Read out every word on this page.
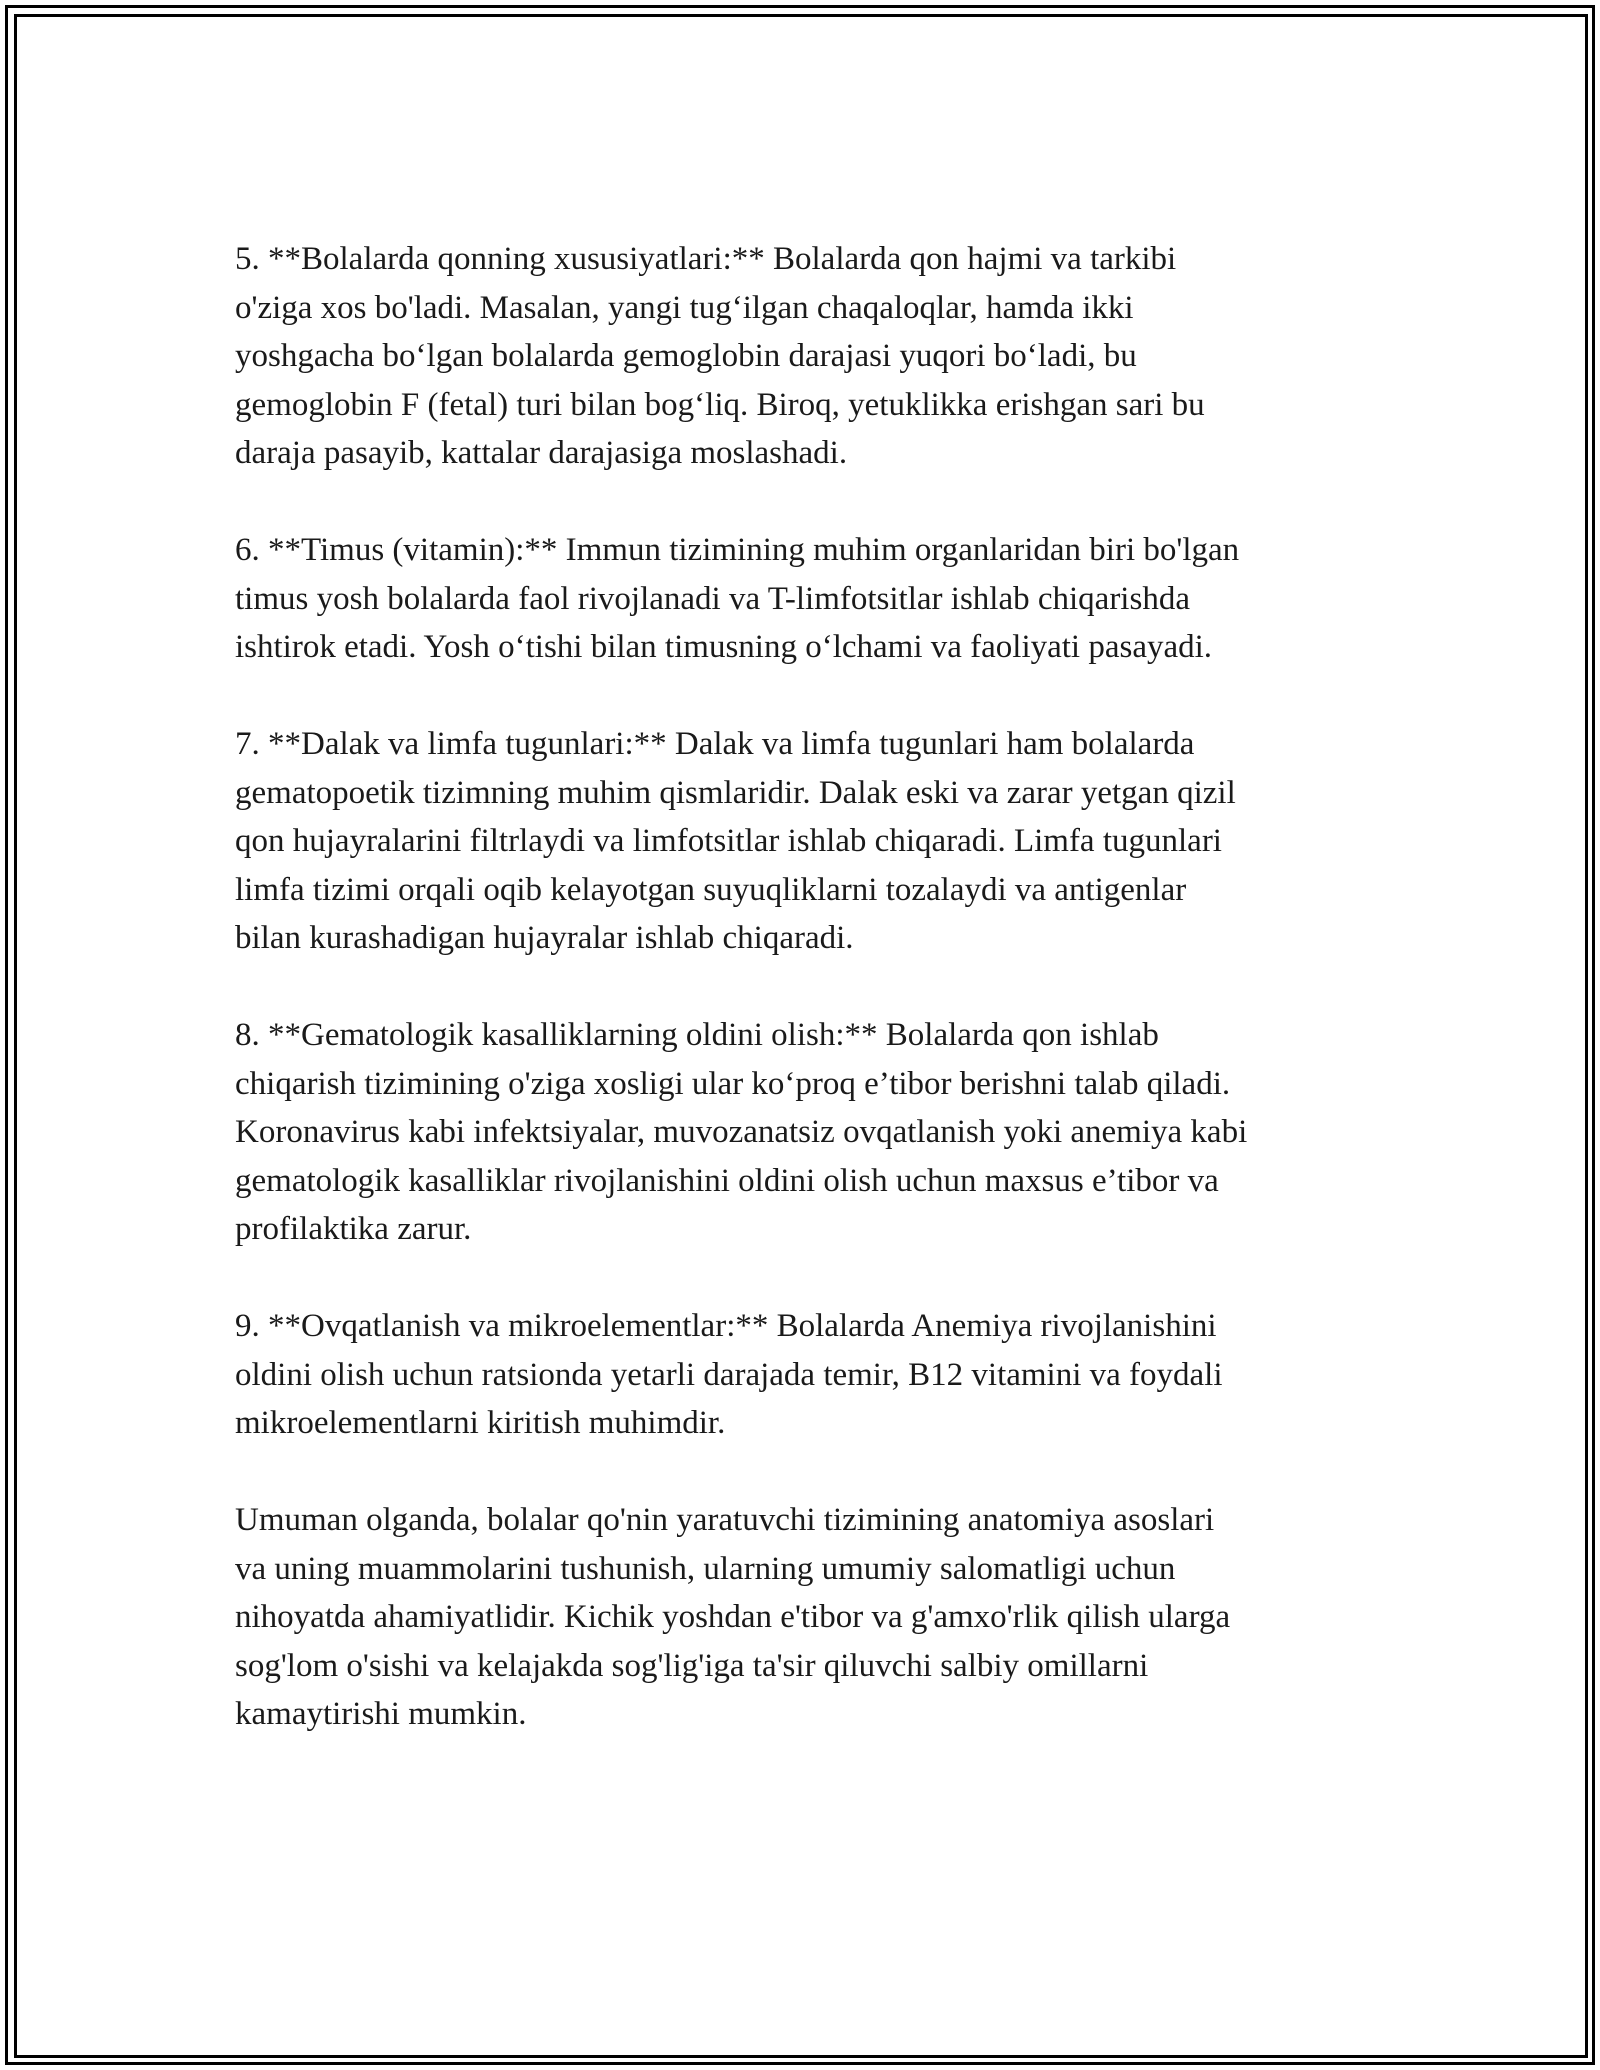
5. **Bolalarda qonning xususiyatlari:** Bolalarda qon hajmi va tarkibi
o'ziga xos bo'ladi. Masalan, yangi tugʻilgan chaqaloqlar, hamda ikki
yoshgacha boʻlgan bolalarda gemoglobin darajasi yuqori boʻladi, bu
gemoglobin F (fetal) turi bilan bogʻliq. Biroq, yetuklikka erishgan sari bu
daraja pasayib, kattalar darajasiga moslashadi.

6. **Timus (vitamin):** Immun tizimining muhim organlaridan biri bo'lgan
timus yosh bolalarda faol rivojlanadi va T-limfotsitlar ishlab chiqarishda
ishtirok etadi. Yosh oʻtishi bilan timusning oʻlchami va faoliyati pasayadi.

7. **Dalak va limfa tugunlari:** Dalak va limfa tugunlari ham bolalarda
gematopoetik tizimning muhim qismlaridir. Dalak eski va zarar yetgan qizil
qon hujayralarini filtrlaydi va limfotsitlar ishlab chiqaradi. Limfa tugunlari
limfa tizimi orqali oqib kelayotgan suyuqliklarni tozalaydi va antigenlar
bilan kurashadigan hujayralar ishlab chiqaradi.

8. **Gematologik kasalliklarning oldini olish:** Bolalarda qon ishlab
chiqarish tizimining o'ziga xosligi ular koʻproq e’tibor berishni talab qiladi.
Koronavirus kabi infektsiyalar, muvozanatsiz ovqatlanish yoki anemiya kabi
gematologik kasalliklar rivojlanishini oldini olish uchun maxsus e’tibor va
profilaktika zarur.

9. **Ovqatlanish va mikroelementlar:** Bolalarda Anemiya rivojlanishini
oldini olish uchun ratsionda yetarli darajada temir, B12 vitamini va foydali
mikroelementlarni kiritish muhimdir.

Umuman olganda, bolalar qo'nin yaratuvchi tizimining anatomiya asoslari
va uning muammolarini tushunish, ularning umumiy salomatligi uchun
nihoyatda ahamiyatlidir. Kichik yoshdan e'tibor va g'amxo'rlik qilish ularga
sog'lom o'sishi va kelajakda sog'lig'iga ta'sir qiluvchi salbiy omillarni
kamaytirishi mumkin.
